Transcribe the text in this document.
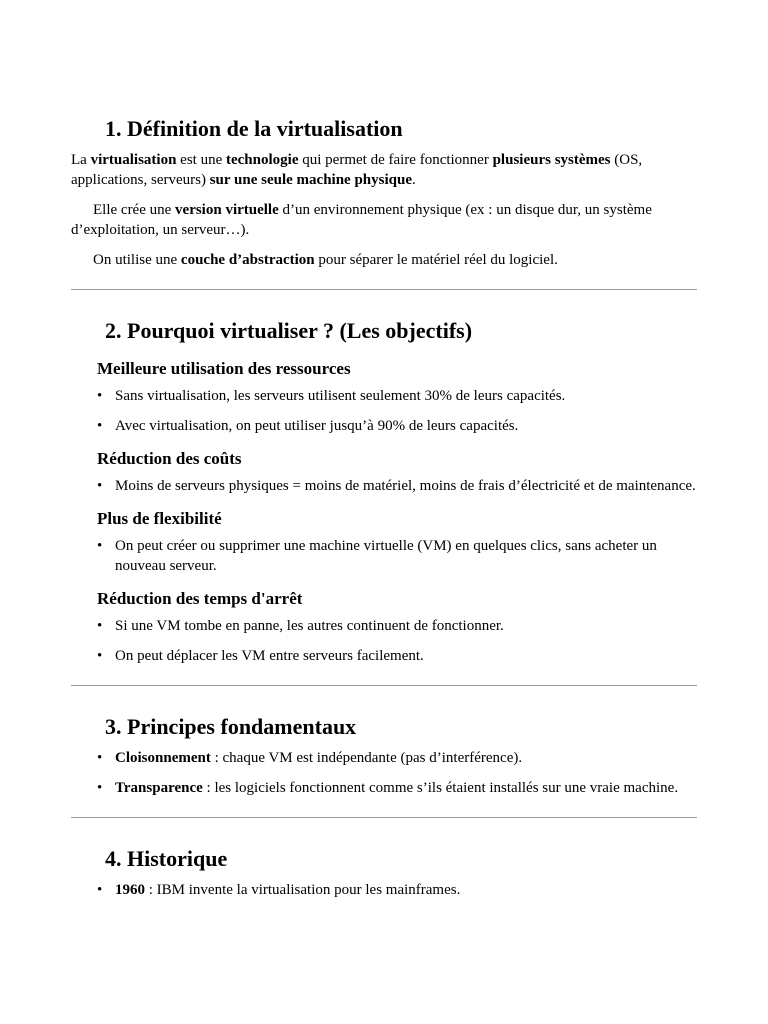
1. Définition de la virtualisation

La virtualisation est une technologie qui permet de faire fonctionner plusieurs systèmes (OS, applications, serveurs) sur une seule machine physique.

Elle crée une version virtuelle d’un environnement physique (ex : un disque dur, un système d’exploitation, un serveur…).

On utilise une couche d’abstraction pour séparer le matériel réel du logiciel.

2. Pourquoi virtualiser ? (Les objectifs)
Meilleure utilisation des ressources
• Sans virtualisation, les serveurs utilisent seulement 30% de leurs capacités.
• Avec virtualisation, on peut utiliser jusqu’à 90% de leurs capacités.
Réduction des coûts
• Moins de serveurs physiques = moins de matériel, moins de frais d’électricité et de maintenance.
Plus de flexibilité
• On peut créer ou supprimer une machine virtuelle (VM) en quelques clics, sans acheter un nouveau serveur.
Réduction des temps d'arrêt
• Si une VM tombe en panne, les autres continuent de fonctionner.
• On peut déplacer les VM entre serveurs facilement.
3. Principes fondamentaux
• Cloisonnement : chaque VM est indépendante (pas d’interférence).
• Transparence : les logiciels fonctionnent comme s’ils étaient installés sur une vraie machine.
4. Historique
• 1960 : IBM invente la virtualisation pour les mainframes.
